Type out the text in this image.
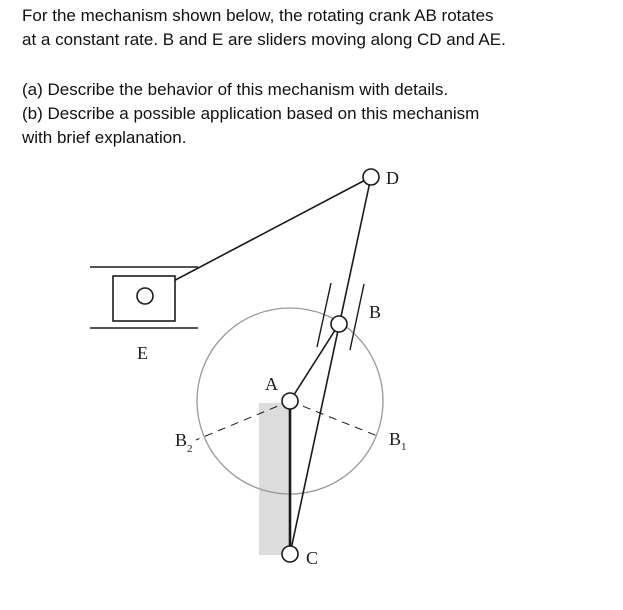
For the mechanism shown below, the rotating crank AB rotates

at a constant rate. B and E are sliders moving along CD and AE.

(a) Describe the behavior of this mechanism with details.

(b) Describe a possible application based on this mechanism

with brief explanation.

D
B
E
A
C
B 1
B 2
